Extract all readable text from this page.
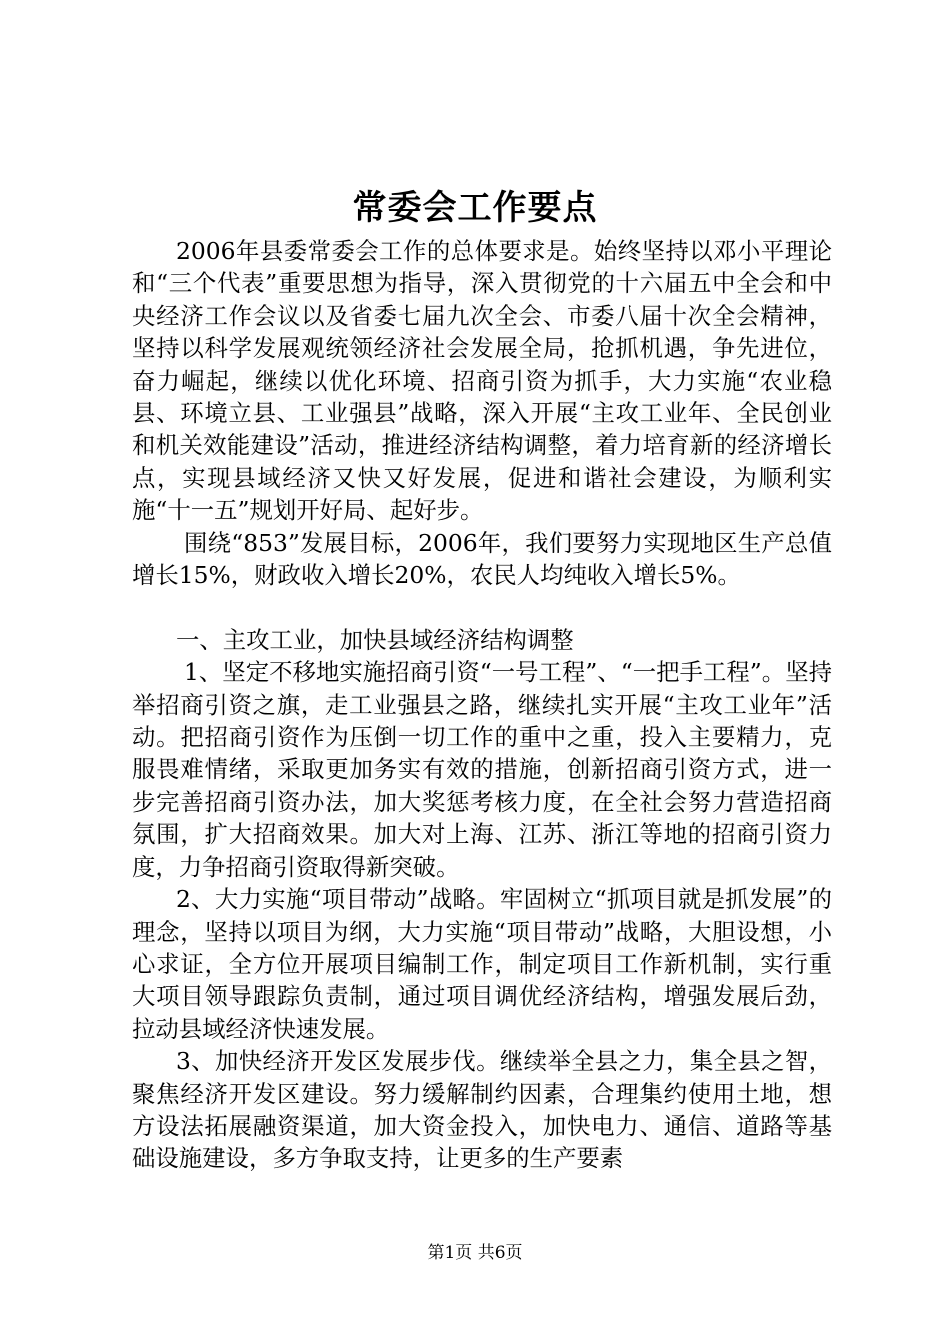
常委会工作要点

2006年县委常委会工作的总体要求是。始终坚持以邓小平理论和“三个代表”重要思想为指导，深入贯彻党的十六届五中全会和中央经济工作会议以及省委七届九次全会、市委八届十次全会精神，坚持以科学发展观统领经济社会发展全局，抢抓机遇，争先进位，奋力崛起，继续以优化环境、招商引资为抓手，大力实施“农业稳县、环境立县、工业强县”战略，深入开展“主攻工业年、全民创业和机关效能建设”活动，推进经济结构调整，着力培育新的经济增长点，实现县域经济又快又好发展，促进和谐社会建设，为顺利实施“十一五”规划开好局、起好步。

围绕“853”发展目标，2006年，我们要努力实现地区生产总值增长15%，财政收入增长20%，农民人均纯收入增长5%。

一、主攻工业，加快县域经济结构调整

1、坚定不移地实施招商引资“一号工程”、“一把手工程”。坚持举招商引资之旗，走工业强县之路，继续扎实开展“主攻工业年”活动。把招商引资作为压倒一切工作的重中之重，投入主要精力，克服畏难情绪，采取更加务实有效的措施，创新招商引资方式，进一步完善招商引资办法，加大奖惩考核力度，在全社会努力营造招商氛围，扩大招商效果。加大对上海、江苏、浙江等地的招商引资力度，力争招商引资取得新突破。

2、大力实施“项目带动”战略。牢固树立“抓项目就是抓发展”的理念，坚持以项目为纲，大力实施“项目带动”战略，大胆设想，小心求证，全方位开展项目编制工作，制定项目工作新机制，实行重大项目领导跟踪负责制，通过项目调优经济结构，增强发展后劲，拉动县域经济快速发展。

3、加快经济开发区发展步伐。继续举全县之力，集全县之智，聚焦经济开发区建设。努力缓解制约因素，合理集约使用土地，想方设法拓展融资渠道，加大资金投入，加快电力、通信、道路等基础设施建设，多方争取支持，让更多的生产要素

第1页 共6页
